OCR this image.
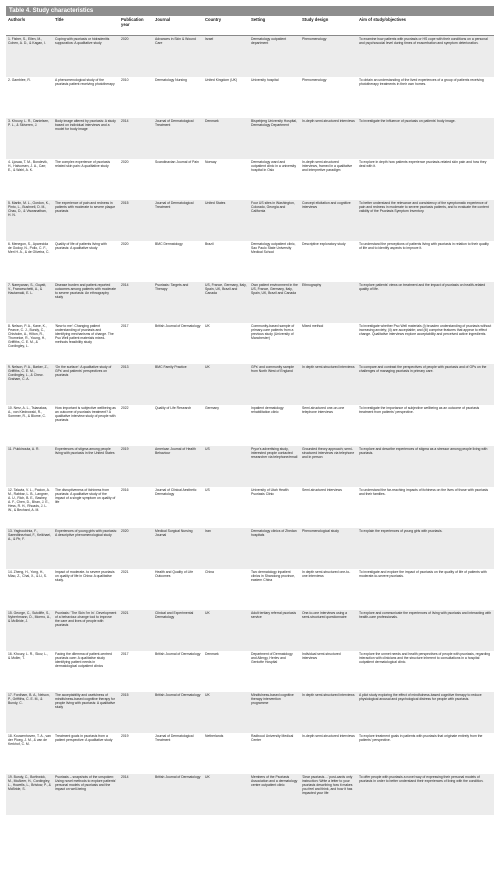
Table 4. Study characteristics
Author/s	Title	Publication year	Journal	Country	Setting	Study design	Aim of study/objectives
1. Fisher, S., Ellen, M., Cohen, A. D., & Kagan, I.	Coping with psoriasis or hidradenitis suppurativa: A qualitative study	2020	Advances in Skin & Wound Care	Israel	Dermatology outpatient department	Phenomenology	To examine how patients with psoriasis or HS cope with their conditions on a personal and psychosocial level during times of exacerbation and symptom deterioration.
2. Gamblee, R.	A phenomenological study of the psoriasis patient receiving phototherapy	2010	Dermatology Nursing	United Kingdom (UK)	University hospital	Phenomenology	To obtain an understanding of the lived experiences of a group of patients receiving phototherapy treatments in their own homes.
3. Khoury, L. R., Danielsen, P. L., & Skiveren, J.	Body image altered by psoriasis: A study based on individual interviews and a model for body image	2014	Journal of Dermatological Treatment	Denmark	Bispebjerg University Hospital, Dermatology Department	In-depth semi-structured interviews	To investigate the influence of psoriasis on patients' body image.
4. Ljosaa, T. M., Bondevik, H., Halvorsen, J. A., Carr, E., & Wahl, A. K.	The complex experience of psoriasis related skin pain: A qualitative study	2020	Scandinavian Journal of Pain	Norway	Dermatology ward and outpatient clinic in a university hospital in Oslo	In-depth semi-structured interviews, framed in a qualitative and interpretive paradigm	To explore in depth how patients experience psoriasis-related skin pain and how they deal with it.
5. Martin, M. L., Gordon, K., Pinto, L., Bushnell, D. M., Chau, D., & Viswanathan, H. N.	The experience of pain and redness in patients with moderate to severe plaque psoriasis	2015	Journal of Dermatological Treatment	United States	Four US sites in Washington, Colorado, Georgia and California	Concept elicitation and cognitive interviews	To better understand the relevance and consistency of the symptomatic experience of pain and redness in moderate to severe psoriasis patients, and to evaluate the content validity of the Psoriasis Symptom Inventory.
6. Menegon, S., Aparecida de Godoy, N., Pollo, C. F., Meri H. A., & de Oliveira, C.	Quality of life of patients living with psoriasis: A qualitative study	2020	BMC Dermatology	Brazil	Dermatology outpatient clinic, Sao Paulo State University Medical School	Descriptive exploratory study	To understand the perceptions of patients living with psoriasis in relation to their quality of life and to identify aspects to improve it.
7. Nareyanan, S., Guyatt, V., Franceschetti, A., & Hautamaki, E. L.	Disease burden and patient-reported outcomes among patients with moderate to severe psoriasis: An ethnography study	2014	Psoriasis: Targets and Therapy	US, France, Germany, Italy, Spain, UK, Brazil and Canada	Own patient environment in the US, France, Germany, Italy, Spain, UK, Brazil and Canada	Ethnography	To explore patients' views on treatment and the impact of psoriasis on health-related quality of life.
8. Nelson, P. A., Kane, K., Pearce, C. J., Bundy, C., Chisholm, A., Hilton, R., Thorneloe, R., Young, H., Griffiths, C. E. M., & Cordingley, L.	'New to me': Changing patient understanding of psoriasis and identifying mechanisms of change. The Pso Well patient materials mixed-methods feasibility study	2017	British Journal of Dermatology	UK	Community-based sample of primary-care patients from a previous study (University of Manchester)	Mixed method	To investigate whether Pso Well materials (i) broaden understanding of psoriasis without increasing anxiety; (ii) are acceptable; and (iii) comprise features that appear to effect change. Qualitative interviews explore acceptability and perceived active ingredients.
9. Nelson, P. A., Barker, Z., Griffiths, C. E. M., Cordingley, L., & Chew-Graham, C. A.	'On the surface': A qualitative study of GPs' and patients' perspectives on psoriasis	2013	BMC Family Practice	UK	GPs' and community sample from North West of England	In depth semi-structured interviews	To compare and contrast the perspectives of people with psoriasis and of GPs on the challenges of managing psoriasis in primary care.
10. Nerz, A. L., Tsianakas, A., von Kiedrowski, R., Sommer, R., & Blome, C.	How important is subjective wellbeing as an outcome of psoriasis treatment? A qualitative interview study of people with psoriasis	2022	Quality of Life Research	Germany	Inpatient dermatology rehabilitation clinic	Semi-structured one-on-one telephone interviews	To investigate the importance of subjective wellbeing as an outcome of psoriasis treatment from patients' perspective.
11. Pukkinouta, A. R.	Experiences of stigma among people living with psoriasis in the United States	2019	American Journal of Health Behaviour	US	Pryor's advertising study, interested people contacted researcher via telephone/email	Grounded theory approach; semi-structured interviews via telephone and in person	To explore and describe experiences of stigma as a stressor among people living with psoriasis.
12. Talavia, V. L., Pacion, A. M., Rabbar, L. B., Langner, A. U., Rich, B. E., Bashey, A. F., Chen, D., Bhan, J. E., Hess, R. H., Rhoads, J. L. W., & Bechard, A. M.	The disruptiveness of itchiness from psoriasis: A qualitative study of the impact of a single symptom on quality of life	2016	Journal of Clinical Aesthetic Dermatology	US	University of Utah Health Psoriasis Clinic	Semi-structured interviews	To understand the far-reaching impacts of itchiness on the lives of those with psoriasis and their families.
13. Yaghoubinia, F., Saeedtinezhad, F., Keikhaei, A., & Pir, F.	Experiences of young girls with psoriasis: A descriptive phenomenological study	2020	Medical Surgical Nursing Journal	Iran	Dermatology clinics of Zhedan hospitals	Phenomenological study	To explain the experiences of young girls with psoriasis.
14. Zheng, H., Yong, H., Miao, Z., Chai, X., & Li, S.	Impact of moderate- to severe psoriasis on quality of life in China: A qualitative study.	2021	Health and Quality of Life Outcomes	China	Two dermatology inpatient clinics in Shandong province, eastern China	In depth semi-structured one-to-one interviews	To investigate and explore the impact of psoriasis on the quality of life of patients with moderate-to-severe psoriasis.
15. George, C., Sutcliffe, S., Nyberhmann, D., Mcerro, A., & McBride, J.	Psoriasis: 'The Skin I'm In'. Development of a behaviour-change tool to improve the care and lives of people with psoriasis	2021	Clinical and Experimental Dermatology	UK	Adult tertiary referral psoriasis service	One-to-one interviews using a semi-structured questionnaire	To explore and communicate the experiences of living with psoriasis and interacting with health-care professionals.
16. Khoury, L. R., Skov, L., & Moller, T.	Facing the dilemma of patient-centred psoriasis care: A qualitative study identifying patient needs in dermatological outpatient clinics	2017	British Journal of Dermatology	Denmark	Department of Dermatology and Allergy, Herlev and Gentofte Hospital	Individual semi-structured interviews	To explore the unmet needs and health perspectives of people with psoriasis, regarding interaction with clinicians and the structure inherent to consultations in a hospital outpatient dermatological clinic.
17. Fordham, B. A., Nelson, P., Griffiths, C. E. M., & Bundy, C.	The acceptability and usefulness of mindfulness-based cognitive therapy for people living with psoriasis: A qualitative study	2015	British Journal of Dermatology	UK	Mindfulness-based cognitive therapy intervention programme	In depth semi-structured interviews	A pilot study exploring the effect of mindfulness-based cognitive therapy to reduce physiological arousal and psychological distress for people with psoriasis.
18. Kouwenhoven, T. A., van der Ploeg, J. M., & van de Kerkhof, C. M.	Treatment goals in psoriasis from a patient perspective: A qualitative study	2019	Journal of Dermatological Treatment	Netherlands	Radboud University Medical Center	In-depth semi-structured interviews	To explore treatment goals in patients with psoriasis that originate entirely from the patients' perspective.
19. Bundy, C., Borthwick, M., McAteer, H., Cordingley, L., Howells, L., Bristow, P., & McBride, S.	Psoriasis – snapshots of the unspoken: Using novel methods to explore patients' personal models of psoriasis and the impact on well-being	2014	British Journal of Dermatology	UK	Members of the Psoriasis Association and a dermatology centre outpatient clinic	'Dear psoriasis…' post-cards only instruction: Write a letter to your psoriasis describing how it makes you feel and think, and how it has impacted your life	To offer people with psoriasis a novel way of expressing their personal models of psoriasis in order to better understand their experiences of living with the condition.
